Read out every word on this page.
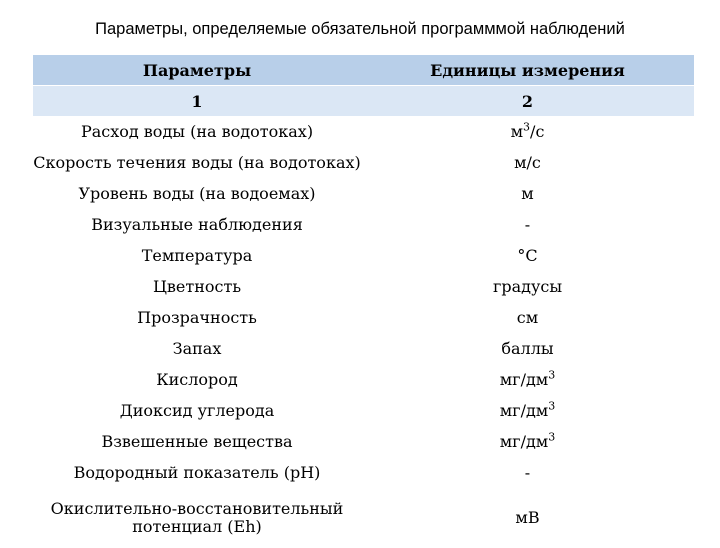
Параметры, определяемые обязательной программмой наблюдений
Параметры	Единицы измерения
1	2
Расход воды (на водотоках)	$м^3/с$
Скорость течения воды (на водотоках)	м/с
Уровень воды (на водоемах)	м
Визуальные наблюдения	-
Температура	°С
Цветность	градусы
Прозрачность	см
Запах	баллы
Кислород	$мг/дм^3$
Диоксид углерода	$мг/дм^3$
Взвешенные вещества	$мг/дм^3$
Водородный показатель (рН)	-
Окислительно-восстановительный
потенциал (Eh)	мВ
